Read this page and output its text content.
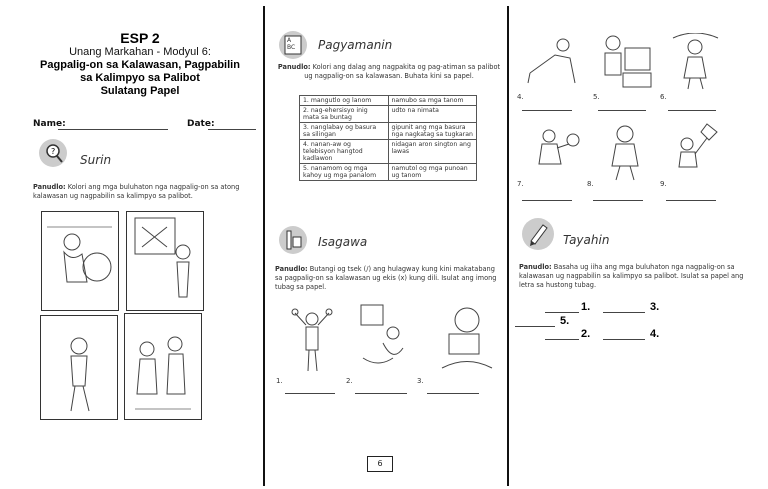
ESP 2
Unang Markahan - Modyul 6:
Pagpalig-on sa Kalawasan, Pagpabilin
sa Kalimpyo sa Palibot
Sulatang Papel
Name:	Date:
?
Surin
Panudlo: Kolori ang mga buluhaton nga nagpalig-on sa atong kalawasan ug nagpabilin sa kalimpyo sa palibot.
A
BC Pagyamanin
Panudlo: Kolori ang dalag ang nagpakita og pag-atiman sa palibot ug nagpalig-on sa kalawasan. Buhata kini sa papel.
1. mangutlo og lanom	namubo sa mga tanom
2. nag-ehersisyo inig mata sa buntag	udto na nimata
3. nanglabay og basura sa silingan	gipunit ang mga basura nga nagkatag sa tugkaran
4. nanan-aw og telebisyon hangtod kadlawon	nidagan aron sington ang lawas
5. nanamom og mga kahoy ug mga panalom	namutol og mga punoan ug tanom
Isagawa
Panudlo: Butangi og tsek (/) ang hulagway kung kini makatabang sa pagpalig-on sa kalawasan ug ekis (x) kung dili. Isulat ang imong tubag sa papel.
1.	2.	3.
6
4.	5.	6.
7.	8.	9.
Tayahin
Panudlo: Basaha ug iiha ang mga buluhaton nga nagpalig-on sa kalawasan ug nagpabilin sa kalimpyo sa palibot. Isulat sa papel ang letra sa hustong tubag.
1.	3.
5.
2.	4.
